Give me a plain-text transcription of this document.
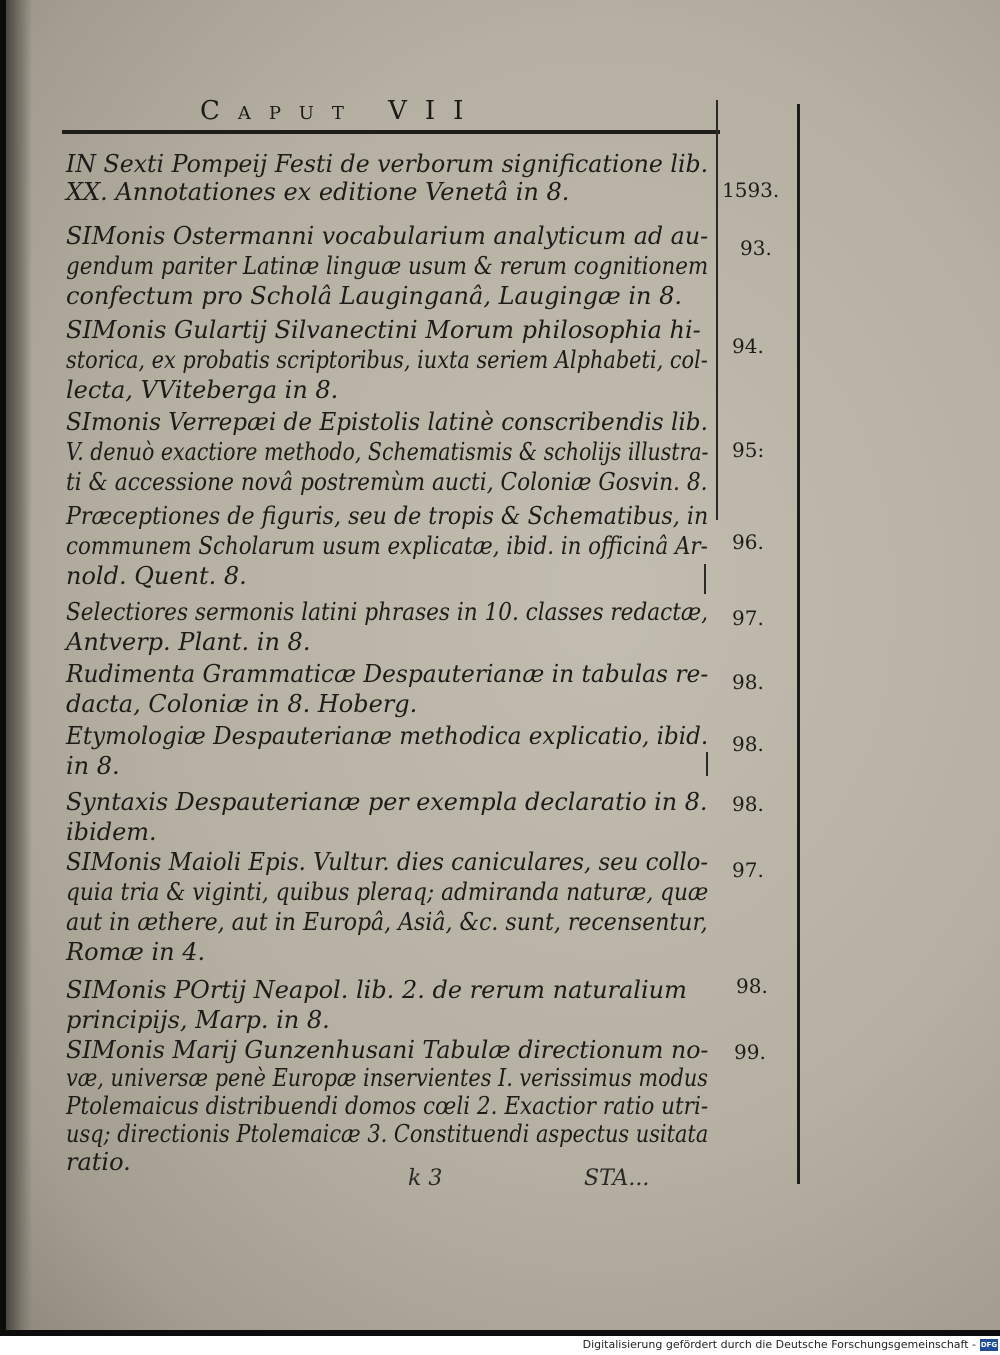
Caput VII
IN Sexti Pompeij Festi de verborum significatione lib.
XX. Annotationes ex editione Venetâ in 8.	1593.
SIMonis Ostermanni vocabularium analyticum ad au-
gendum pariter Latinæ linguæ usum & rerum cognitionem
confectum pro Scholâ Lauginganâ, Laugingæ in 8.
93.
SIMonis Gulartij Silvanectini Morum philosophia hi-
storica, ex probatis scriptoribus, iuxta seriem Alphabeti, col-
lecta, VViteberga in 8.
94.
SImonis Verrepæi de Epistolis latinè conscribendis lib.
V. denuò exactiore methodo, Schematismis & scholijs illustra-
ti & accessione novâ postremùm aucti, Coloniæ Gosvin. 8.
95:
Præceptiones de figuris, seu de tropis & Schematibus, in
communem Scholarum usum explicatæ, ibid. in officinâ Ar-
nold. Quent. 8.
96.
Selectiores sermonis latini phrases in 10. classes redactæ,
Antverp. Plant. in 8.
97.
Rudimenta Grammaticæ Despauterianæ in tabulas re-
dacta, Coloniæ in 8. Hoberg.
98.
Etymologiæ Despauterianæ methodica explicatio, ibid.
in 8.
98.
Syntaxis Despauterianæ per exempla declaratio in 8.
ibidem.
98.
SIMonis Maioli Epis. Vultur. dies caniculares, seu collo-
quia tria & viginti, quibus pleraq; admiranda naturæ, quæ
aut in æthere, aut in Europâ, Asiâ, &c. sunt, recensentur,
Romæ in 4.
97.
SIMonis POrtij Neapol. lib. 2. de rerum naturalium
principijs, Marp. in 8.
98.
SIMonis Marij Gunzenhusani Tabulæ directionum no-
væ, universæ penè Europæ inservientes I. verissimus modus
Ptolemaicus distribuendi domos cœli 2. Exactior ratio utri-
usq; directionis Ptolemaicæ 3. Constituendi aspectus usitata
ratio.
99.
k 3	STA...
Digitalisierung gefördert durch die Deutsche Forschungsgemeinschaft - DFG
